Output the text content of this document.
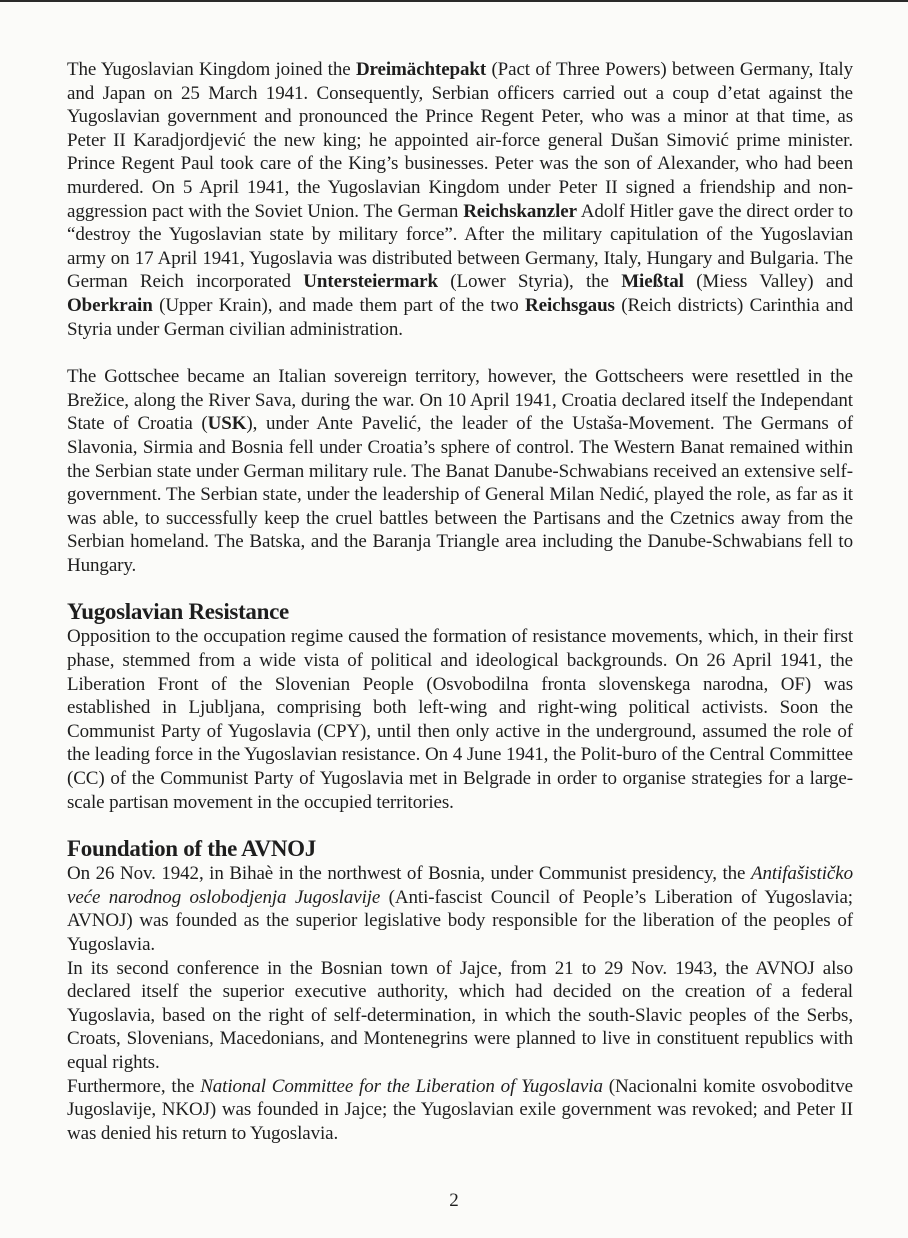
The Yugoslavian Kingdom joined the Dreimächtepakt (Pact of Three Powers) between Germany, Italy and Japan on 25 March 1941. Consequently, Serbian officers carried out a coup d’etat against the Yugoslavian government and pronounced the Prince Regent Peter, who was a minor at that time, as Peter II Karadjordjević the new king; he appointed air-force general Dušan Simović prime minister. Prince Regent Paul took care of the King’s businesses. Peter was the son of Alexander, who had been murdered. On 5 April 1941, the Yugoslavian Kingdom under Peter II signed a friendship and non-aggression pact with the Soviet Union. The German Reichskanzler Adolf Hitler gave the direct order to “destroy the Yugoslavian state by military force”. After the military capitulation of the Yugoslavian army on 17 April 1941, Yugoslavia was distributed between Germany, Italy, Hungary and Bulgaria. The German Reich incorporated Untersteiermark (Lower Styria), the Mießtal (Miess Valley) and Oberkrain (Upper Krain), and made them part of the two Reichsgaus (Reich districts) Carinthia and Styria under German civilian administration.

The Gottschee became an Italian sovereign territory, however, the Gottscheers were resettled in the Brežice, along the River Sava, during the war. On 10 April 1941, Croatia declared itself the Independant State of Croatia (USK), under Ante Pavelić, the leader of the Ustaša-Movement. The Germans of Slavonia, Sirmia and Bosnia fell under Croatia’s sphere of control. The Western Banat remained within the Serbian state under German military rule. The Banat Danube-Schwabians received an extensive self-government. The Serbian state, under the leadership of General Milan Nedić, played the role, as far as it was able, to successfully keep the cruel battles between the Partisans and the Czetnics away from the Serbian homeland. The Batska, and the Baranja Triangle area including the Danube-Schwabians fell to Hungary.

Yugoslavian Resistance

Opposition to the occupation regime caused the formation of resistance movements, which, in their first phase, stemmed from a wide vista of political and ideological backgrounds. On 26 April 1941, the Liberation Front of the Slovenian People (Osvobodilna fronta slovenskega narodna, OF) was established in Ljubljana, comprising both left-wing and right-wing political activists. Soon the Communist Party of Yugoslavia (CPY), until then only active in the underground, assumed the role of the leading force in the Yugoslavian resistance. On 4 June 1941, the Polit-buro of the Central Committee (CC) of the Communist Party of Yugoslavia met in Belgrade in order to organise strategies for a large-scale partisan movement in the occupied territories.

Foundation of the AVNOJ

On 26 Nov. 1942, in Bihaè in the northwest of Bosnia, under Communist presidency, the Antifašističko veće narodnog oslobodjenja Jugoslavije (Anti-fascist Council of People’s Liberation of Yugoslavia; AVNOJ) was founded as the superior legislative body responsible for the liberation of the peoples of Yugoslavia.

In its second conference in the Bosnian town of Jajce, from 21 to 29 Nov. 1943, the AVNOJ also declared itself the superior executive authority, which had decided on the creation of a federal Yugoslavia, based on the right of self-determination, in which the south-Slavic peoples of the Serbs, Croats, Slovenians, Macedonians, and Montenegrins were planned to live in constituent republics with equal rights.

Furthermore, the National Committee for the Liberation of Yugoslavia (Nacionalni komite osvoboditve Jugoslavije, NKOJ) was founded in Jajce; the Yugoslavian exile government was revoked; and Peter II was denied his return to Yugoslavia.

2
